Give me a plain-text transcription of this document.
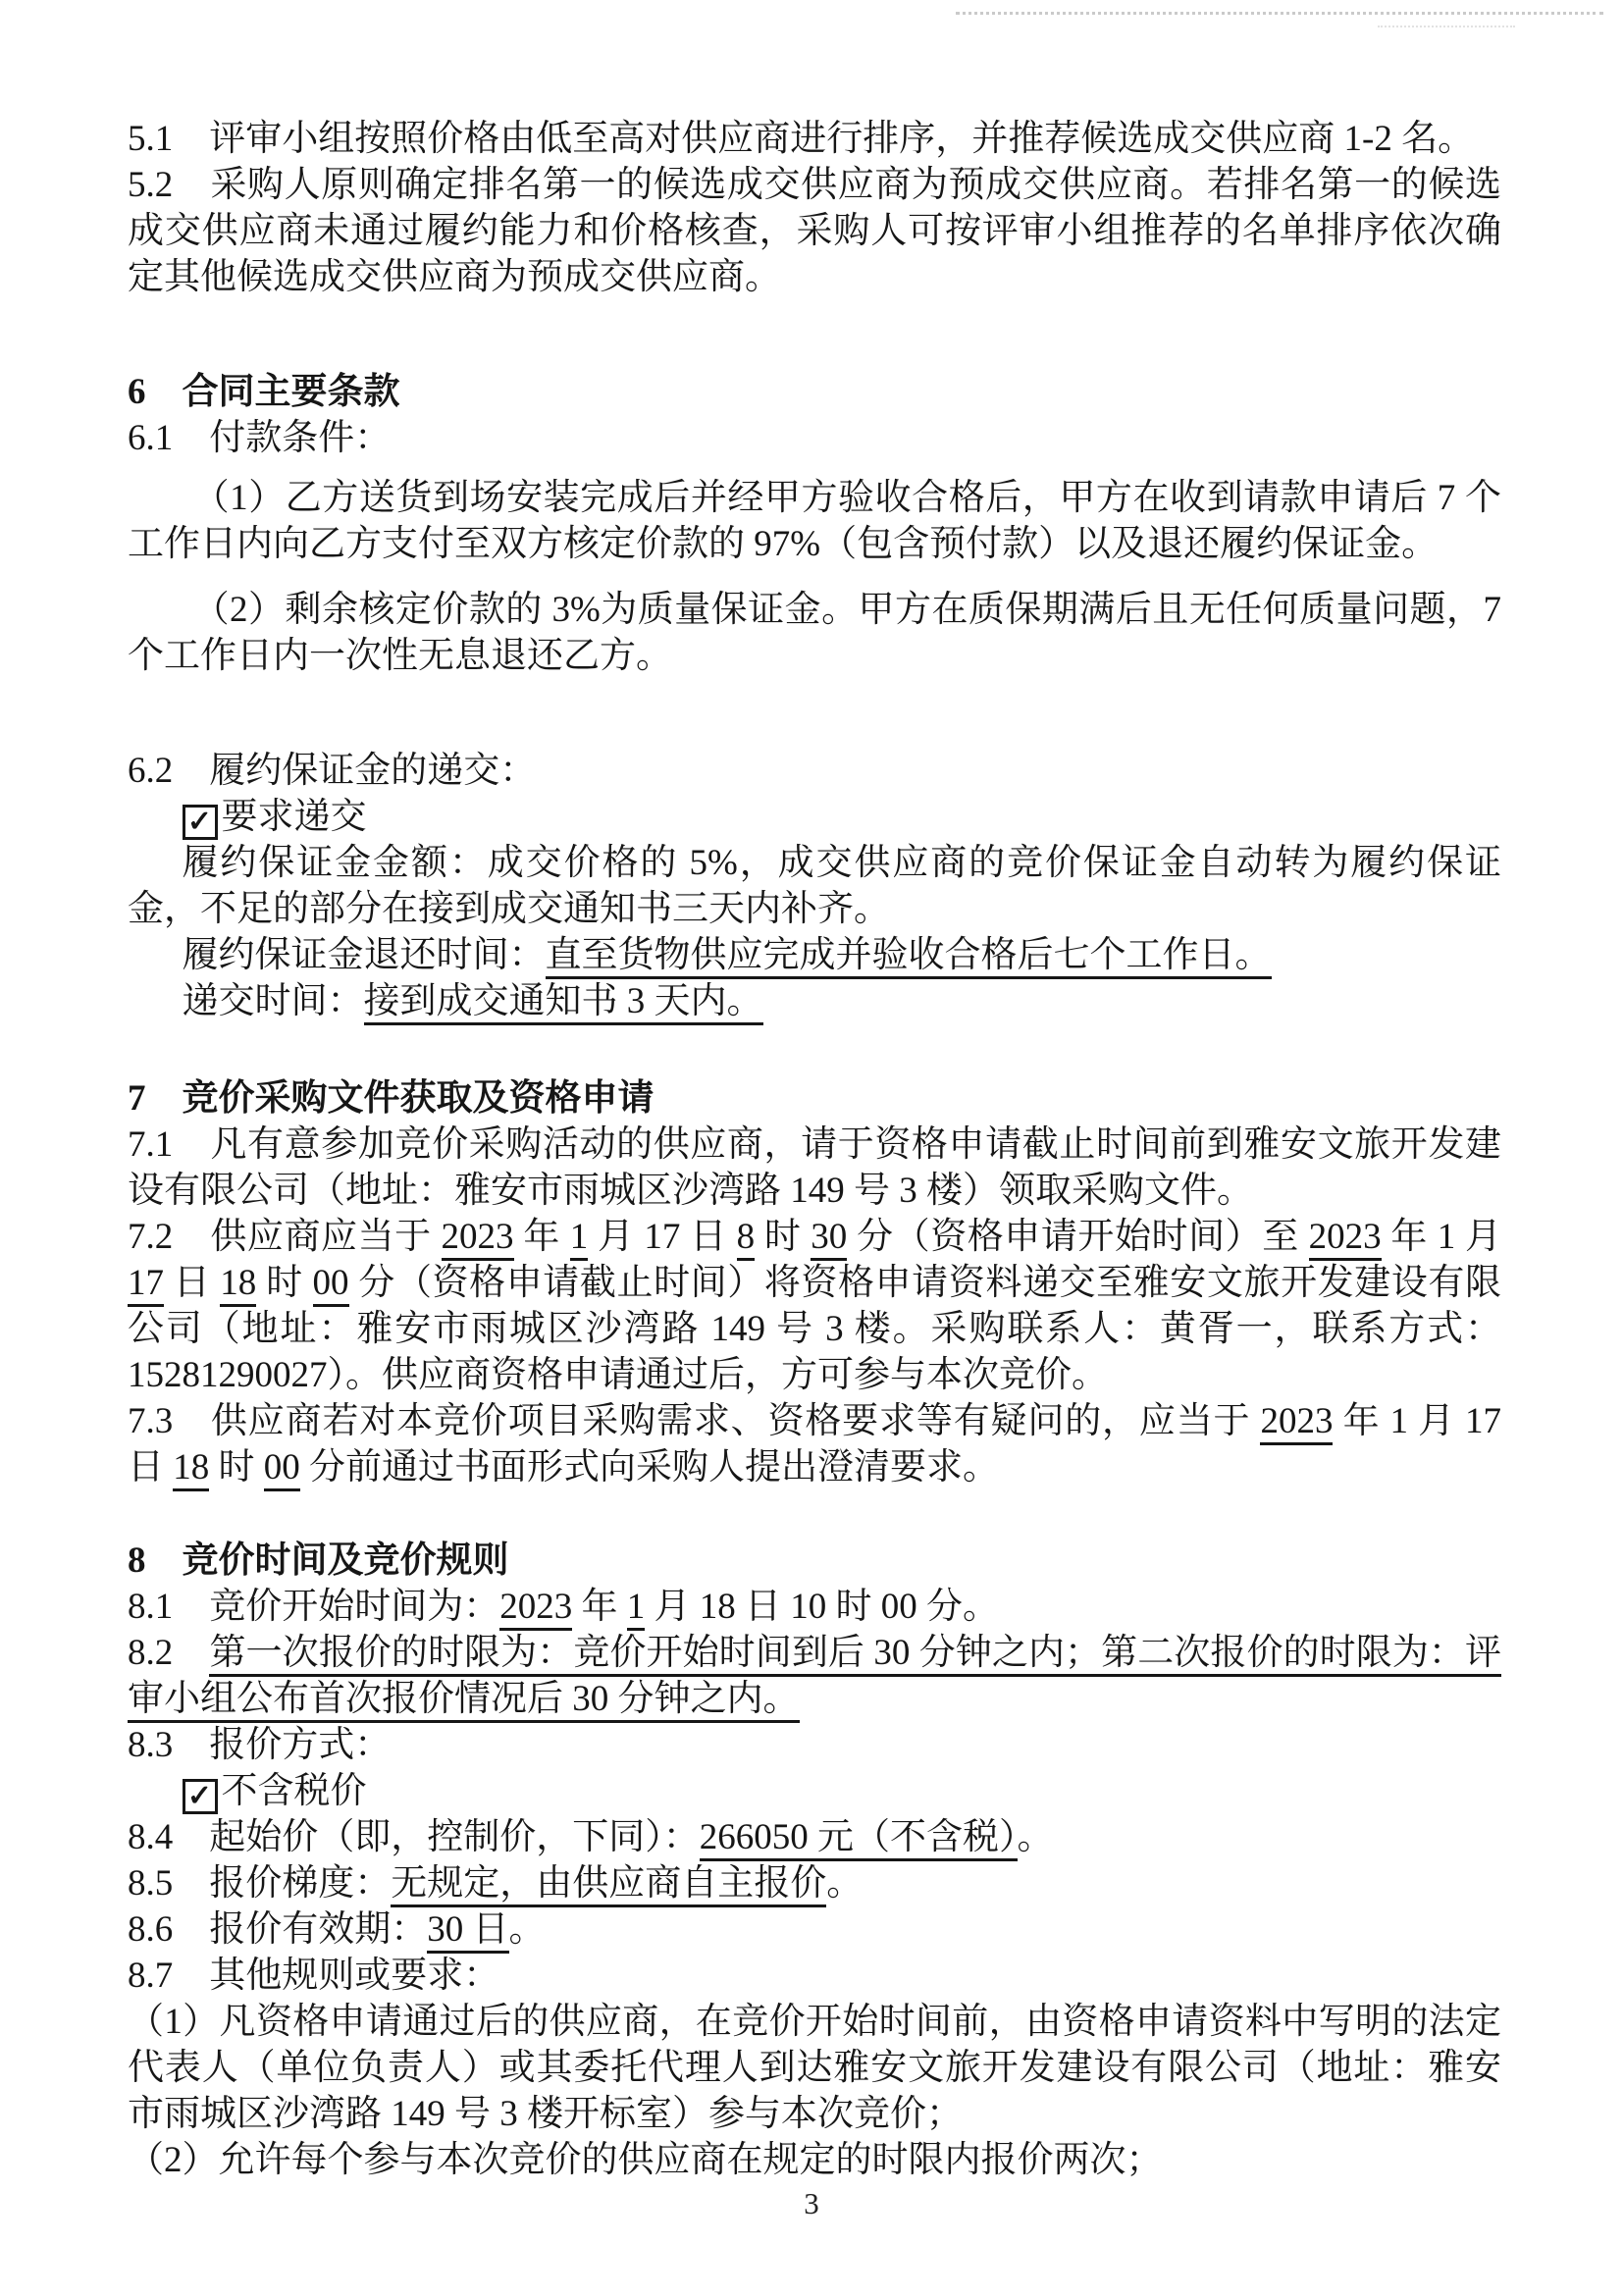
5.1　评审小组按照价格由低至高对供应商进行排序，并推荐候选成交供应商 1-2 名。

5.2　采购人原则确定排名第一的候选成交供应商为预成交供应商。若排名第一的候选成交供应商未通过履约能力和价格核查，采购人可按评审小组推荐的名单排序依次确定其他候选成交供应商为预成交供应商。

6　合同主要条款

6.1　付款条件：

（1）乙方送货到场安装完成后并经甲方验收合格后，甲方在收到请款申请后 7 个工作日内向乙方支付至双方核定价款的 97%（包含预付款）以及退还履约保证金。

（2）剩余核定价款的 3%为质量保证金。甲方在质保期满后且无任何质量问题，7 个工作日内一次性无息退还乙方。

6.2　履约保证金的递交：

✓ 要求递交

履约保证金金额：成交价格的 5%，成交供应商的竞价保证金自动转为履约保证金，不足的部分在接到成交通知书三天内补齐。

履约保证金退还时间：直至货物供应完成并验收合格后七个工作日。

递交时间：接到成交通知书 3 天内。

7　竞价采购文件获取及资格申请

7.1　凡有意参加竞价采购活动的供应商，请于资格申请截止时间前到雅安文旅开发建设有限公司（地址：雅安市雨城区沙湾路 149 号 3 楼）领取采购文件。

7.2　供应商应当于 2023 年 1 月 17 日 8 时 30 分（资格申请开始时间）至 2023 年 1 月 17 日 18 时 00 分（资格申请截止时间）将资格申请资料递交至雅安文旅开发建设有限公司（地址：雅安市雨城区沙湾路 149 号 3 楼。采购联系人：黄胥一，联系方式：15281290027）。供应商资格申请通过后，方可参与本次竞价。

7.3　供应商若对本竞价项目采购需求、资格要求等有疑问的，应当于 2023 年 1 月 17 日 18 时 00 分前通过书面形式向采购人提出澄清要求。

8　竞价时间及竞价规则

8.1　竞价开始时间为：2023 年 1 月 18 日 10 时 00 分。

8.2　第一次报价的时限为：竞价开始时间到后 30 分钟之内；第二次报价的时限为：评审小组公布首次报价情况后 30 分钟之内。

8.3　报价方式：

✓ 不含税价

8.4　起始价（即，控制价，下同）：266050 元（不含税）。

8.5　报价梯度：无规定，由供应商自主报价。

8.6　报价有效期：30 日。

8.7　其他规则或要求：

（1）凡资格申请通过后的供应商，在竞价开始时间前，由资格申请资料中写明的法定代表人（单位负责人）或其委托代理人到达雅安文旅开发建设有限公司（地址：雅安市雨城区沙湾路 149 号 3 楼开标室）参与本次竞价；

（2）允许每个参与本次竞价的供应商在规定的时限内报价两次；

3
